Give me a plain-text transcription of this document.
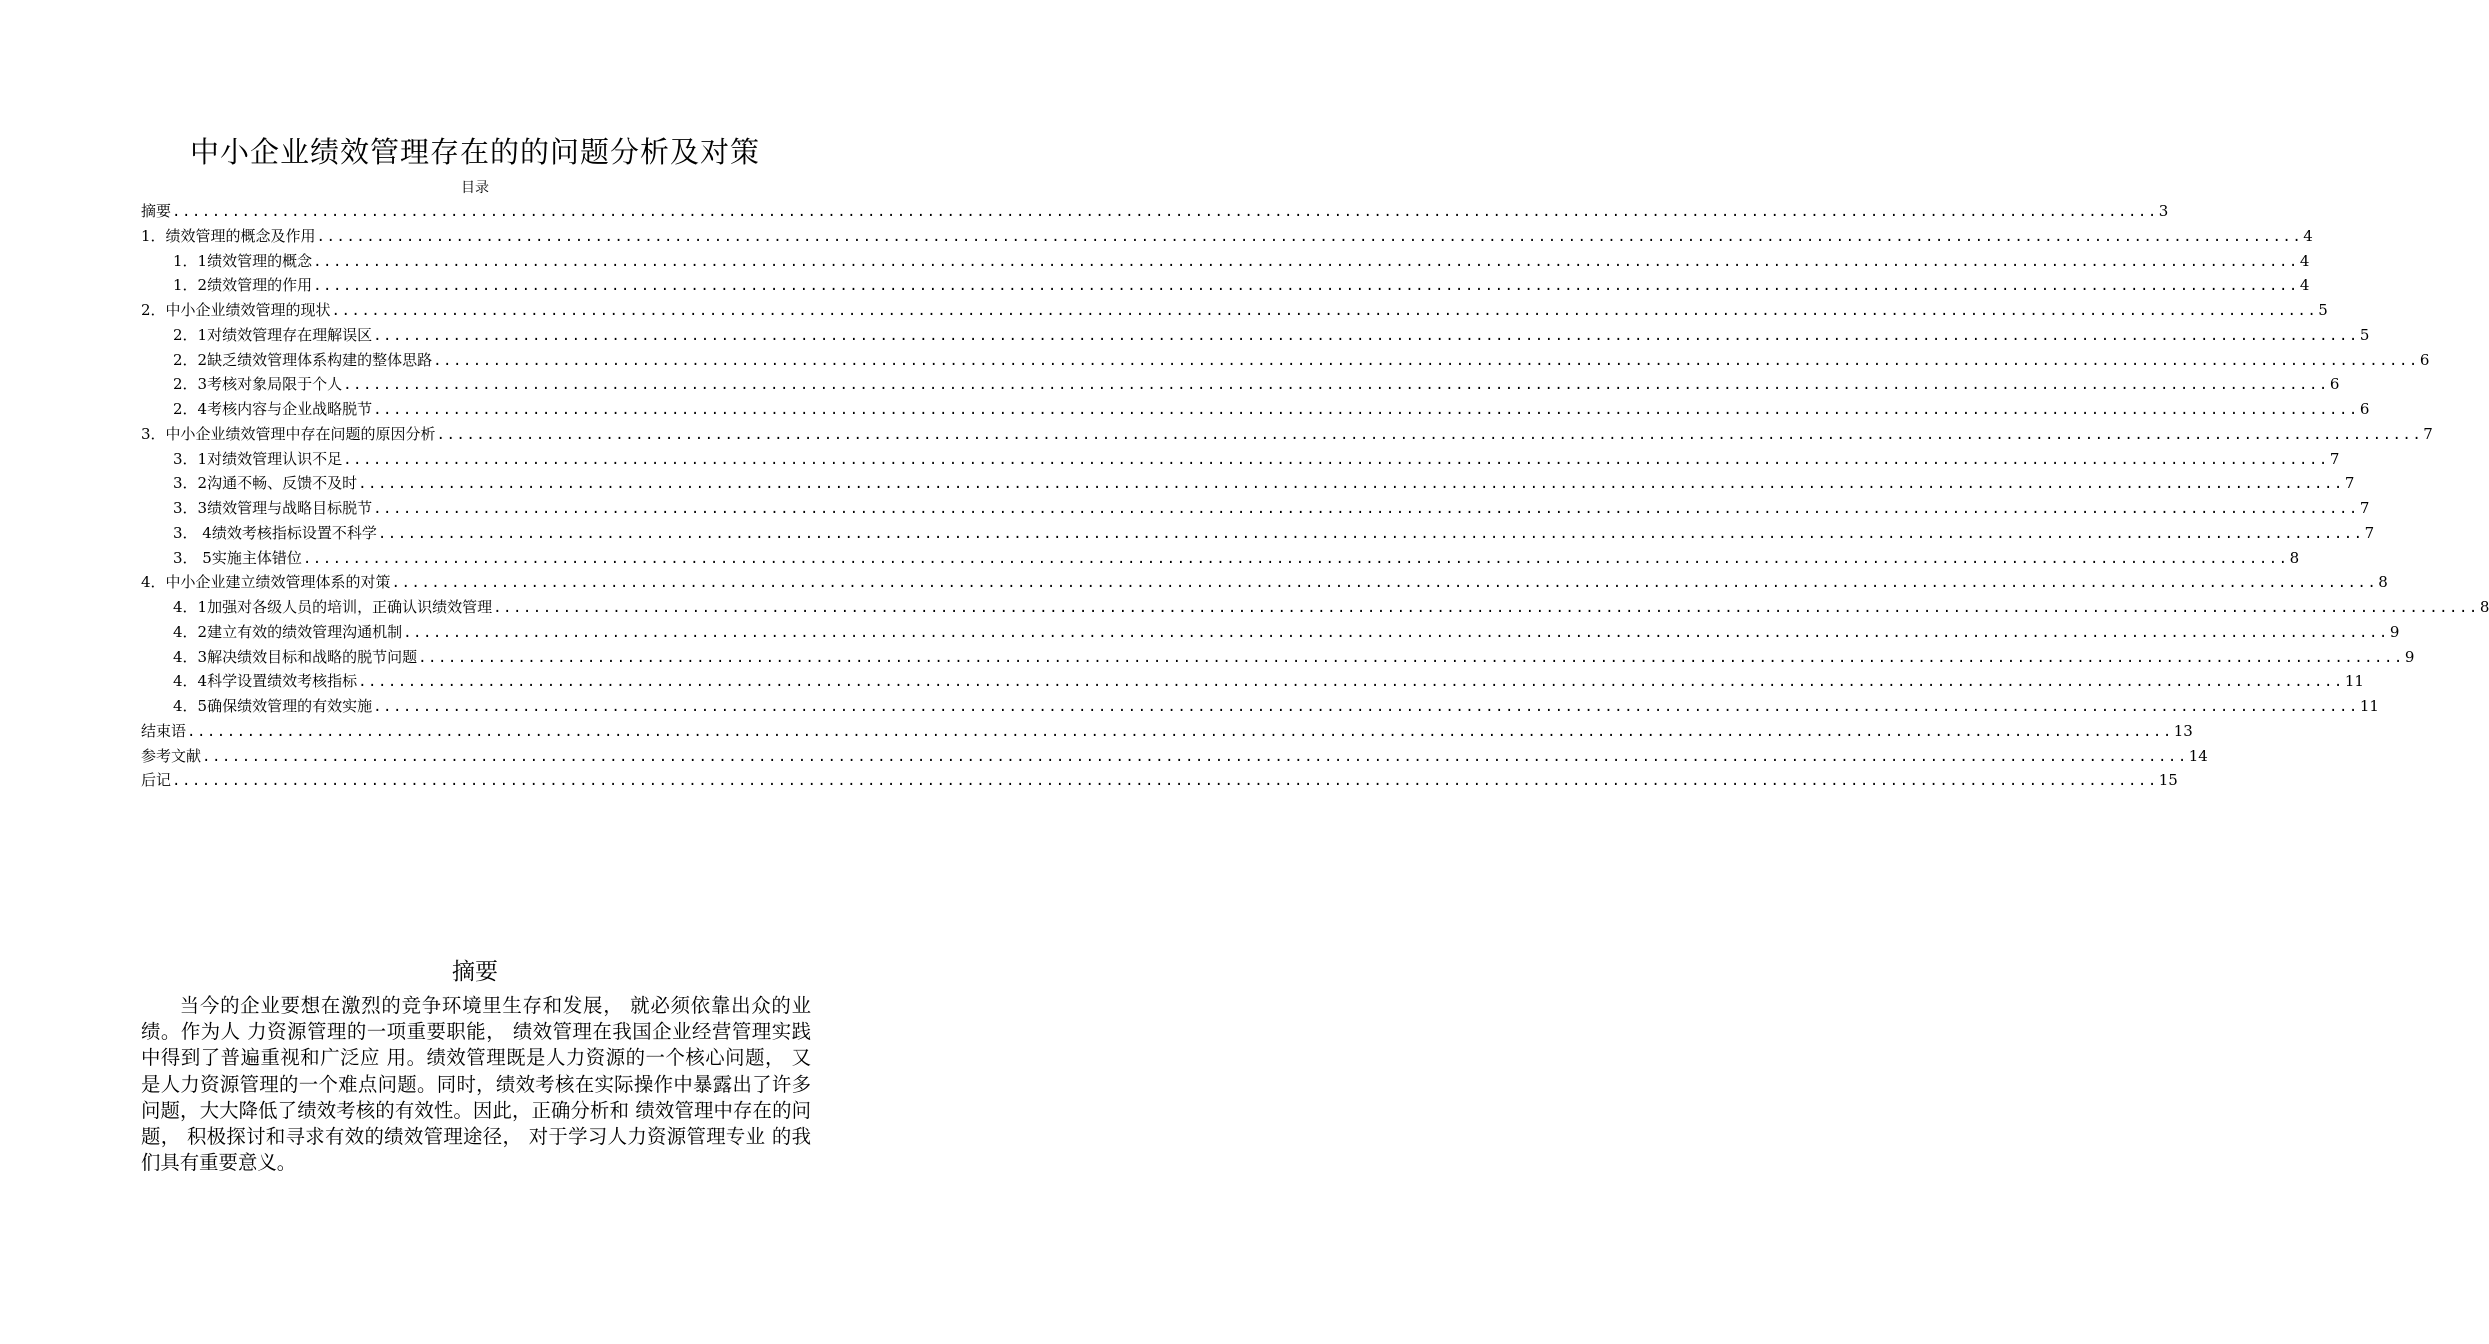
中小企业绩效管理存在的的问题分析及对策
目录
摘要 ........................................................................................................................................................................................................ 3
1．绩效管理的概念及作用 ........................................................................................................................................................................................................ 4
1．1绩效管理的概念 ........................................................................................................................................................................................................ 4
1．2绩效管理的作用 ........................................................................................................................................................................................................ 4
2．中小企业绩效管理的现状 ........................................................................................................................................................................................................ 5
2．1对绩效管理存在理解误区 ........................................................................................................................................................................................................ 5
2．2缺乏绩效管理体系构建的整体思路 ........................................................................................................................................................................................................ 6
2．3考核对象局限于个人 ........................................................................................................................................................................................................ 6
2．4考核内容与企业战略脱节 ........................................................................................................................................................................................................ 6
3．中小企业绩效管理中存在问题的原因分析 ........................................................................................................................................................................................................ 7
3．1对绩效管理认识不足 ........................................................................................................................................................................................................ 7
3．2沟通不畅、反馈不及时 ........................................................................................................................................................................................................ 7
3．3绩效管理与战略目标脱节 ........................................................................................................................................................................................................ 7
3． 4绩效考核指标设置不科学 ........................................................................................................................................................................................................ 7
3． 5实施主体错位 ........................................................................................................................................................................................................ 8
4．中小企业建立绩效管理体系的对策 ........................................................................................................................................................................................................ 8
4．1加强对各级人员的培训，正确认识绩效管理 ........................................................................................................................................................................................................ 8
4．2建立有效的绩效管理沟通机制 ........................................................................................................................................................................................................ 9
4．3解决绩效目标和战略的脱节问题 ........................................................................................................................................................................................................ 9
4．4科学设置绩效考核指标 ........................................................................................................................................................................................................ 11
4．5确保绩效管理的有效实施 ........................................................................................................................................................................................................ 11
结束语 ........................................................................................................................................................................................................ 13
参考文献 ........................................................................................................................................................................................................ 14
后记 ........................................................................................................................................................................................................ 15
摘要

当今的企业要想在激烈的竞争环境里生存和发展， 就必须依靠出众的业绩。作为人 力资源管理的一项重要职能， 绩效管理在我国企业经营管理实践中得到了普遍重视和广泛应 用。绩效管理既是人力资源的一个核心问题， 又是人力资源管理的一个难点问题。同时，绩效考核在实际操作中暴露出了许多问题，大大降低了绩效考核的有效性。因此，正确分析和 绩效管理中存在的问题， 积极探讨和寻求有效的绩效管理途径， 对于学习人力资源管理专业 的我们具有重要意义。
